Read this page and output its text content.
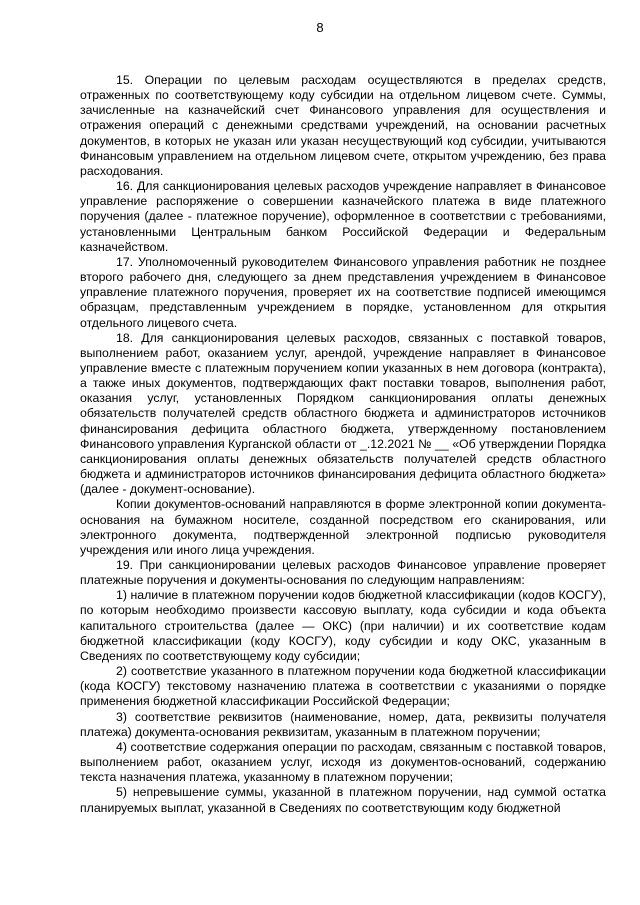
8

15. Операции по целевым расходам осуществляются в пределах средств, отраженных по соответствующему коду субсидии на отдельном лицевом счете. Суммы, зачисленные на казначейский счет Финансового управления для осуществления и отражения операций с денежными средствами учреждений, на основании расчетных документов, в которых не указан или указан несуществующий код субсидии, учитываются Финансовым управлением на отдельном лицевом счете, открытом учреждению, без права расходования.

16. Для санкционирования целевых расходов учреждение направляет в Финансовое управление распоряжение о совершении казначейского платежа в виде платежного поручения (далее - платежное поручение), оформленное в соответствии с требованиями, установленными Центральным банком Российской Федерации и Федеральным казначейством.

17. Уполномоченный руководителем Финансового управления работник не позднее второго рабочего дня, следующего за днем представления учреждением в Финансовое управление платежного поручения, проверяет их на соответствие подписей имеющимся образцам, представленным учреждением в порядке, установленном для открытия отдельного лицевого счета.

18. Для санкционирования целевых расходов, связанных с поставкой товаров, выполнением работ, оказанием услуг, арендой, учреждение направляет в Финансовое управление вместе с платежным поручением копии указанных в нем договора (контракта), а также иных документов, подтверждающих факт поставки товаров, выполнения работ, оказания услуг, установленных Порядком санкционирования оплаты денежных обязательств получателей средств областного бюджета и администраторов источников финансирования дефицита областного бюджета, утвержденному постановлением Финансового управления Курганской области от _.12.2021 № __ «Об утверждении Порядка санкционирования оплаты денежных обязательств получателей средств областного бюджета и администраторов источников финансирования дефицита областного бюджета» (далее - документ-основание).

Копии документов-оснований направляются в форме электронной копии документа-основания на бумажном носителе, созданной посредством его сканирования, или электронного документа, подтвержденной электронной подписью руководителя учреждения или иного лица учреждения.

19. При санкционировании целевых расходов Финансовое управление проверяет платежные поручения и документы-основания по следующим направлениям:

1) наличие в платежном поручении кодов бюджетной классификации (кодов КОСГУ), по которым необходимо произвести кассовую выплату, кода субсидии и кода объекта капитального строительства (далее — ОКС) (при наличии) и их соответствие кодам бюджетной классификации (коду КОСГУ), коду субсидии и коду ОКС, указанным в Сведениях по соответствующему коду субсидии;

2) соответствие указанного в платежном поручении кода бюджетной классификации (кода КОСГУ) текстовому назначению платежа в соответствии с указаниями о порядке применения бюджетной классификации Российской Федерации;

3) соответствие реквизитов (наименование, номер, дата, реквизиты получателя платежа) документа-основания реквизитам, указанным в платежном поручении;

4) соответствие содержания операции по расходам, связанным с поставкой товаров, выполнением работ, оказанием услуг, исходя из документов-оснований, содержанию текста назначения платежа, указанному в платежном поручении;

5) непревышение суммы, указанной в платежном поручении, над суммой остатка планируемых выплат, указанной в Сведениях по соответствующим коду бюджетной
